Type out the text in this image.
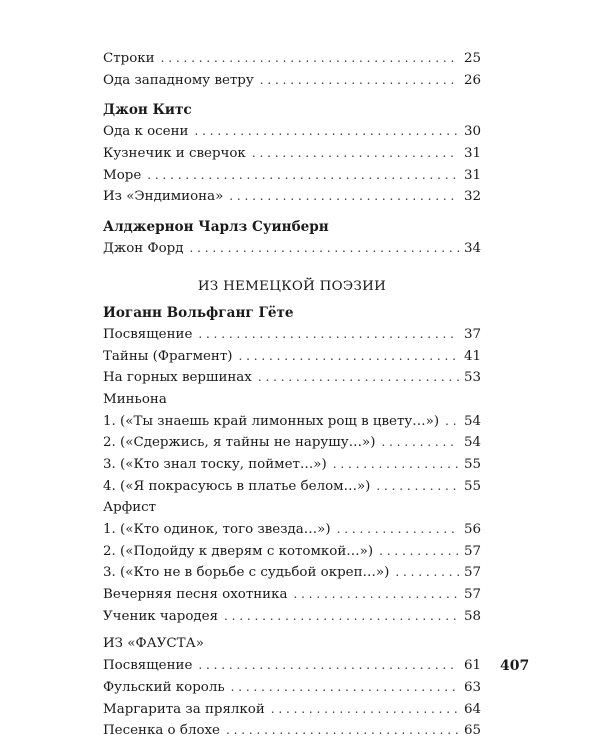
Строки . . .	25
Ода западному ветру . . .	26
Джон Китс
Ода к осени . . .	30
Кузнечик и сверчок . . .	31
Море . . .	31
Из «Эндимиона» . . .	32
Алджернон Чарлз Суинберн
Джон Форд . . .	34
ИЗ НЕМЕЦКОЙ ПОЭЗИИ
Иоганн Вольфганг Гёте
Посвящение . . .	37
Тайны (Фрагмент) . . .	41
На горных вершинах . . .	53
Миньона
1. («Ты знаешь край лимонных рощ в цвету…») . . .	54
2. («Сдержись, я тайны не нарушу…») . . .	54
3. («Кто знал тоску, поймет…») . . .	55
4. («Я покрасуюсь в платье белом…») . . .	55
Арфист
1. («Кто одинок, того звезда…») . . .	56
2. («Подойду к дверям с котомкой…») . . .	57
3. («Кто не в борьбе с судьбой окреп…») . . .	57
Вечерняя песня охотника . . .	57
Ученик чародея . . .	58
ИЗ «ФАУСТА»
Посвящение . . .	61
Фульский король . . .	63
Маргарита за прялкой . . .	64
Песенка о блохе . . .	65
407
